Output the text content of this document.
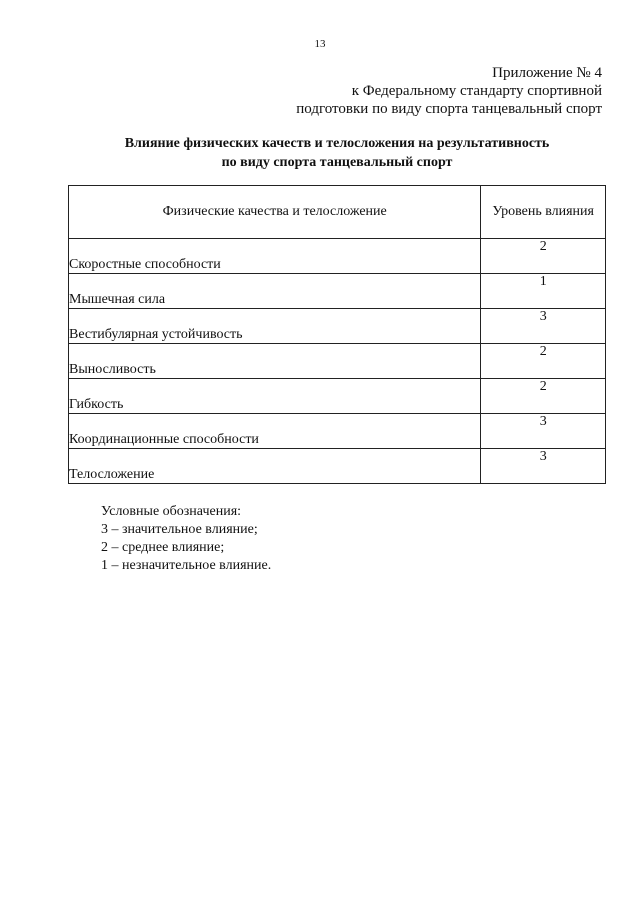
13
Приложение № 4
к Федеральному стандарту спортивной
подготовки по виду спорта танцевальный спорт
Влияние физических качеств и телосложения на результативность
по виду спорта танцевальный спорт
Физические качества и телосложение	Уровень влияния
Скоростные способности	2
Мышечная сила	1
Вестибулярная устойчивость	3
Выносливость	2
Гибкость	2
Координационные способности	3
Телосложение	3
Условные обозначения:
3 – значительное влияние;
2 – среднее влияние;
1 – незначительное влияние.
